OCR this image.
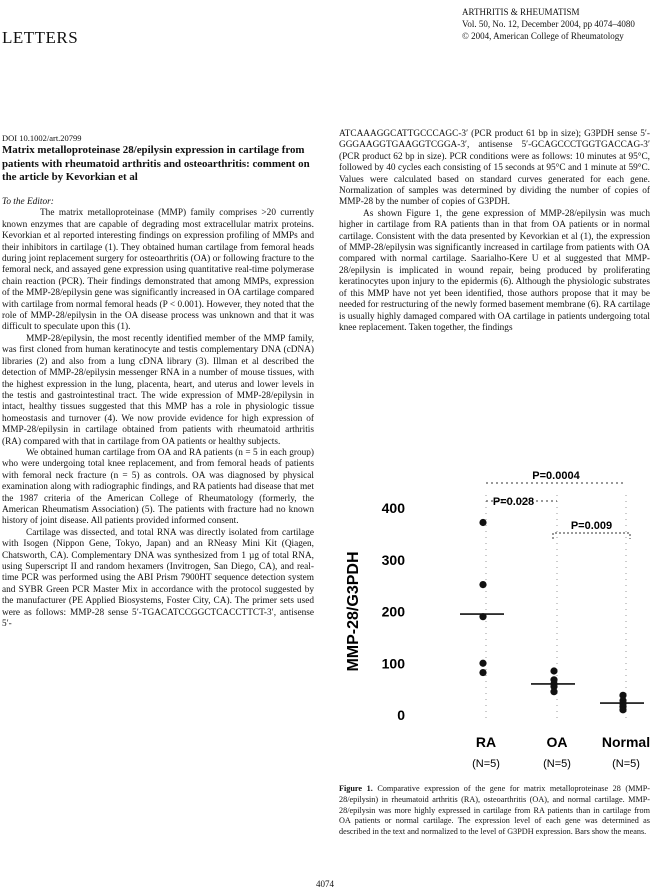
ARTHRITIS & RHEUMATISM
Vol. 50, No. 12, December 2004, pp 4074–4080
© 2004, American College of Rheumatology
LETTERS
DOI 10.1002/art.20799
Matrix metalloproteinase 28/epilysin expression in cartilage from patients with rheumatoid arthritis and osteoarthritis: comment on the article by Kevorkian et al

To the Editor:

The matrix metalloproteinase (MMP) family comprises >20 currently known enzymes that are capable of degrading most extracellular matrix proteins. Kevorkian et al reported interesting findings on expression profiling of MMPs and their inhibitors in cartilage (1). They obtained human cartilage from femoral heads during joint replacement surgery for osteoarthritis (OA) or following fracture to the femoral neck, and assayed gene expression using quantitative real-time polymerase chain reaction (PCR). Their findings demonstrated that among MMPs, expression of the MMP-28/epilysin gene was significantly increased in OA cartilage compared with cartilage from normal femoral heads (P < 0.001). However, they noted that the role of MMP-28/epilysin in the OA disease process was unknown and that it was difficult to speculate upon this (1).

MMP-28/epilysin, the most recently identified member of the MMP family, was first cloned from human keratinocyte and testis complementary DNA (cDNA) libraries (2) and also from a lung cDNA library (3). Illman et al described the detection of MMP-28/epilysin messenger RNA in a number of mouse tissues, with the highest expression in the lung, placenta, heart, and uterus and lower levels in the testis and gastrointestinal tract. The wide expression of MMP-28/epilysin in intact, healthy tissues suggested that this MMP has a role in physiologic tissue homeostasis and turnover (4). We now provide evidence for high expression of MMP-28/epilysin in cartilage obtained from patients with rheumatoid arthritis (RA) compared with that in cartilage from OA patients or healthy subjects.

We obtained human cartilage from OA and RA patients (n = 5 in each group) who were undergoing total knee replacement, and from femoral heads of patients with femoral neck fracture (n = 5) as controls. OA was diagnosed by physical examination along with radiographic findings, and RA patients had disease that met the 1987 criteria of the American College of Rheumatology (formerly, the American Rheumatism Association) (5). The patients with fracture had no known history of joint disease. All patients provided informed consent.

Cartilage was dissected, and total RNA was directly isolated from cartilage with Isogen (Nippon Gene, Tokyo, Japan) and an RNeasy Mini Kit (Qiagen, Chatsworth, CA). Complementary DNA was synthesized from 1 µg of total RNA, using Superscript II and random hexamers (Invitrogen, San Diego, CA), and real-time PCR was performed using the ABI Prism 7900HT sequence detection system and SYBR Green PCR Master Mix in accordance with the protocol suggested by the manufacturer (PE Applied Biosystems, Foster City, CA). The primer sets used were as follows: MMP-28 sense 5′-TGACATCCGGCTCACCTTCT-3′, antisense 5′-

ATCAAAGGCATTGCCCAGC-3′ (PCR product 61 bp in size); G3PDH sense 5′-GGGAAGGTGAAGGTCGGA-3′, antisense 5′-GCAGCCCTGGTGACCAG-3′ (PCR product 62 bp in size). PCR conditions were as follows: 10 minutes at 95°C, followed by 40 cycles each consisting of 15 seconds at 95°C and 1 minute at 59°C. Values were calculated based on standard curves generated for each gene. Normalization of samples was determined by dividing the number of copies of MMP-28 by the number of copies of G3PDH.

As shown Figure 1, the gene expression of MMP-28/epilysin was much higher in cartilage from RA patients than in that from OA patients or in normal cartilage. Consistent with the data presented by Kevorkian et al (1), the expression of MMP-28/epilysin was significantly increased in cartilage from patients with OA compared with normal cartilage. Saarialho-Kere U et al suggested that MMP-28/epilysin is implicated in wound repair, being produced by proliferating keratinocytes upon injury to the epidermis (6). Although the physiologic substrates of this MMP have not yet been identified, those authors propose that it may be needed for restructuring of the newly formed basement membrane (6). RA cartilage is usually highly damaged compared with OA cartilage in patients undergoing total knee replacement. Taken together, the findings

MMP-28/G3PDH
0
100
200
300
400
RA
(N=5)
OA
(N=5)
Normal
(N=5)
P=0.0004
P=0.028
P=0.009
Figure 1. Comparative expression of the gene for matrix metalloproteinase 28 (MMP-28/epilysin) in rheumatoid arthritis (RA), osteoarthritis (OA), and normal cartilage. MMP-28/epilysin was more highly expressed in cartilage from RA patients than in cartilage from OA patients or normal cartilage. The expression level of each gene was determined as described in the text and normalized to the level of G3PDH expression. Bars show the means.
4074
